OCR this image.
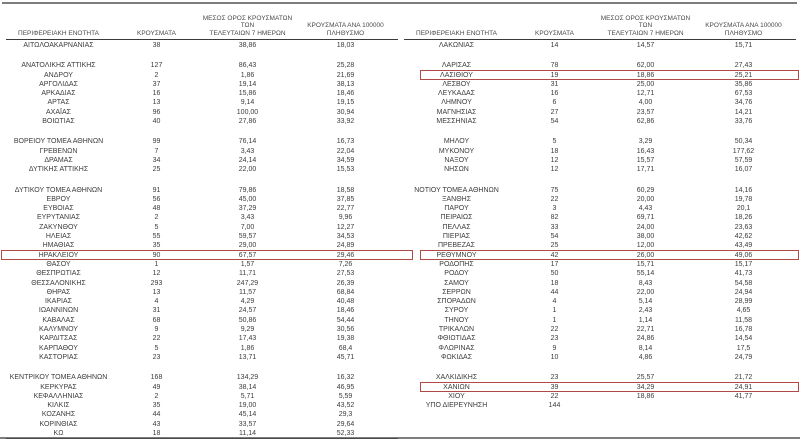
ΠΕΡΙΦΕΡΕΙΑΚΗ ΕΝΟΤΗΤΑ	ΚΡΟΥΣΜΑΤΑ
ΜΕΣΟΣ ΟΡΟΣ ΚΡΟΥΣΜΑΤΩΝ ΤΩΝ
ΤΕΛΕΥΤΑΙΩΝ 7 ΗΜΕΡΩΝ
ΚΡΟΥΣΜΑΤΑ ΑΝΑ 100000
ΠΛΗΘΥΣΜΟ
ΑΙΤΩΛΟΑΚΑΡΝΑΝΙΑΣ	38	38,86	18,03
ΑΝΑΤΟΛΙΚΗΣ ΑΤΤΙΚΗΣ	127	86,43	25,28
ΑΝΔΡΟΥ	2	1,86	21,69
ΑΡΓΟΛΙΔΑΣ	37	19,14	38,13
ΑΡΚΑΔΙΑΣ	16	15,86	18,46
ΑΡΤΑΣ	13	9,14	19,15
ΑΧΑΪΑΣ	96	100,00	30,94
ΒΟΙΩΤΙΑΣ	40	27,86	33,92
ΒΟΡΕΙΟΥ ΤΟΜΕΑ ΑΘΗΝΩΝ	99	76,14	16,73
ΓΡΕΒΕΝΩΝ	7	3,43	22,04
ΔΡΑΜΑΣ	34	24,14	34,59
ΔΥΤΙΚΗΣ ΑΤΤΙΚΗΣ	25	22,00	15,53
ΔΥΤΙΚΟΥ ΤΟΜΕΑ ΑΘΗΝΩΝ	91	79,86	18,58
ΕΒΡΟΥ	56	45,00	37,85
ΕΥΒΟΙΑΣ	48	37,29	22,77
ΕΥΡΥΤΑΝΙΑΣ	2	3,43	9,96
ΖΑΚΥΝΘΟΥ	5	7,00	12,27
ΗΛΕΙΑΣ	55	59,57	34,53
ΗΜΑΘΙΑΣ	35	29,00	24,89
ΗΡΑΚΛΕΙΟΥ	90	67,57	29,46
ΘΑΣΟΥ	1	1,57	7,26
ΘΕΣΠΡΩΤΙΑΣ	12	11,71	27,53
ΘΕΣΣΑΛΟΝΙΚΗΣ	293	247,29	26,39
ΘΗΡΑΣ	13	11,57	68,84
ΙΚΑΡΙΑΣ	4	4,29	40,48
ΙΩΑΝΝΙΝΩΝ	31	24,57	18,46
ΚΑΒΑΛΑΣ	68	50,86	54,44
ΚΑΛΥΜΝΟΥ	9	9,29	30,56
ΚΑΡΔΙΤΣΑΣ	22	17,43	19,38
ΚΑΡΠΑΘΟΥ	5	1,86	68,4
ΚΑΣΤΟΡΙΑΣ	23	13,71	45,71
ΚΕΝΤΡΙΚΟΥ ΤΟΜΕΑ ΑΘΗΝΩΝ	168	134,29	16,32
ΚΕΡΚΥΡΑΣ	49	38,14	46,95
ΚΕΦΑΛΛΗΝΙΑΣ	2	5,71	5,59
ΚΙΛΚΙΣ	35	19,00	43,52
ΚΟΖΑΝΗΣ	44	45,14	29,3
ΚΟΡΙΝΘΙΑΣ	43	33,57	29,64
ΚΩ	18	11,14	52,33
ΠΕΡΙΦΕΡΕΙΑΚΗ ΕΝΟΤΗΤΑ	ΚΡΟΥΣΜΑΤΑ
ΜΕΣΟΣ ΟΡΟΣ ΚΡΟΥΣΜΑΤΩΝ ΤΩΝ
ΤΕΛΕΥΤΑΙΩΝ 7 ΗΜΕΡΩΝ
ΚΡΟΥΣΜΑΤΑ ΑΝΑ 100000
ΠΛΗΘΥΣΜΟ
ΛΑΚΩΝΙΑΣ	14	14,57	15,71
ΛΑΡΙΣΑΣ	78	62,00	27,43
ΛΑΣΙΘΙΟΥ	19	18,86	25,21
ΛΕΣΒΟΥ	31	25,00	35,86
ΛΕΥΚΑΔΑΣ	16	12,71	67,53
ΛΗΜΝΟΥ	6	4,00	34,76
ΜΑΓΝΗΣΙΑΣ	27	23,57	14,21
ΜΕΣΣΗΝΙΑΣ	54	62,86	33,76
ΜΗΛΟΥ	5	3,29	50,34
ΜΥΚΟΝΟΥ	18	16,43	177,62
ΝΑΞΟΥ	12	15,57	57,59
ΝΗΣΩΝ	12	17,71	16,07
ΝΟΤΙΟΥ ΤΟΜΕΑ ΑΘΗΝΩΝ	75	60,29	14,16
ΞΑΝΘΗΣ	22	20,00	19,78
ΠΑΡΟΥ	3	4,43	20,1
ΠΕΙΡΑΙΩΣ	82	69,71	18,26
ΠΕΛΛΑΣ	33	24,00	23,63
ΠΙΕΡΙΑΣ	54	38,00	42,62
ΠΡΕΒΕΖΑΣ	25	12,00	43,49
ΡΕΘΥΜΝΟΥ	42	26,00	49,06
ΡΟΔΟΠΗΣ	17	15,71	15,17
ΡΟΔΟΥ	50	55,14	41,73
ΣΑΜΟΥ	18	8,43	54,58
ΣΕΡΡΩΝ	44	22,00	24,94
ΣΠΟΡΑΔΩΝ	4	5,14	28,99
ΣΥΡΟΥ	1	2,43	4,65
ΤΗΝΟΥ	1	1,14	11,58
ΤΡΙΚΑΛΩΝ	22	22,71	16,78
ΦΘΙΩΤΙΔΑΣ	23	24,86	14,54
ΦΛΩΡΙΝΑΣ	9	8,14	17,5
ΦΩΚΙΔΑΣ	10	4,86	24,79
ΧΑΛΚΙΔΙΚΗΣ	23	25,57	21,72
ΧΑΝΙΩΝ	39	34,29	24,91
ΧΙΟΥ	22	18,86	41,77
ΥΠΟ ΔΙΕΡΕΥΝΗΣΗ	144
